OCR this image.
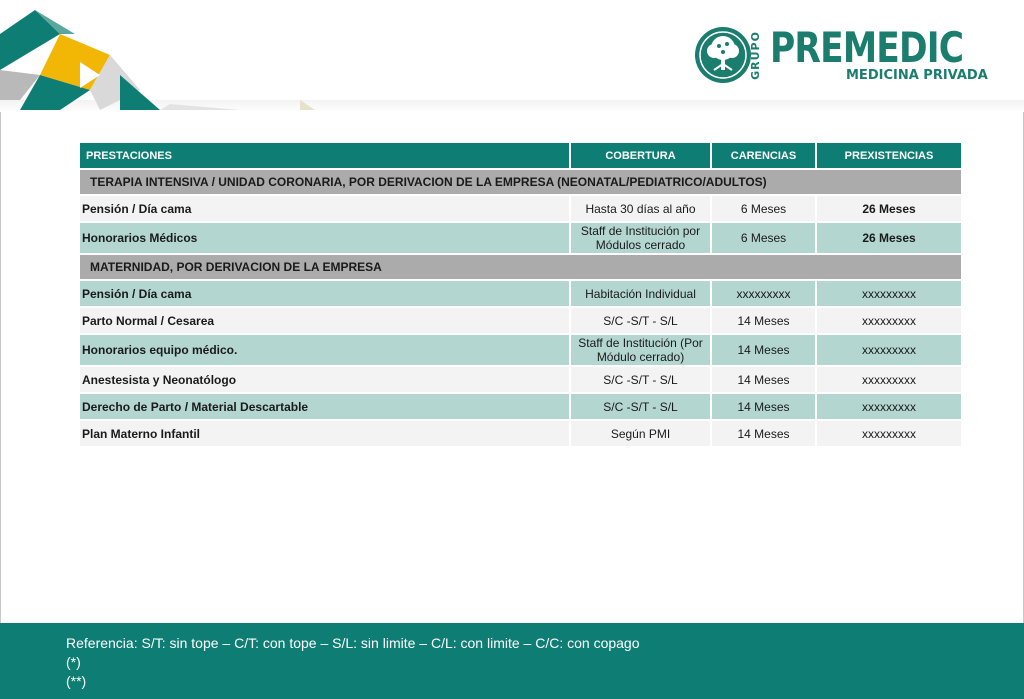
GRUPO PREMEDIC
MEDICINA PRIVADA
PRESTACIONES	COBERTURA	CARENCIAS	PREXISTENCIAS
TERAPIA INTENSIVA / UNIDAD CORONARIA, POR DERIVACION DE LA EMPRESA (NEONATAL/PEDIATRICO/ADULTOS)			
Pensión / Día cama	Hasta 30 días al año	6 Meses	26 Meses
Honorarios Médicos	Staff de Institución por Módulos cerrado	6 Meses	26 Meses
MATERNIDAD, POR DERIVACION DE LA EMPRESA			
Pensión / Día cama	Habitación Individual	xxxxxxxxx	xxxxxxxxx
Parto Normal / Cesarea	S/C -S/T - S/L	14 Meses	xxxxxxxxx
Honorarios equipo médico.	Staff de Institución (Por Módulo cerrado)	14 Meses	xxxxxxxxx
Anestesista y Neonatólogo	S/C -S/T - S/L	14 Meses	xxxxxxxxx
Derecho de Parto / Material Descartable	S/C -S/T - S/L	14 Meses	xxxxxxxxx
Plan Materno Infantil	Según PMI	14 Meses	xxxxxxxxx
Referencia: S/T: sin tope – C/T: con tope – S/L: sin limite – C/L: con limite – C/C: con copago
(*)
(**)
